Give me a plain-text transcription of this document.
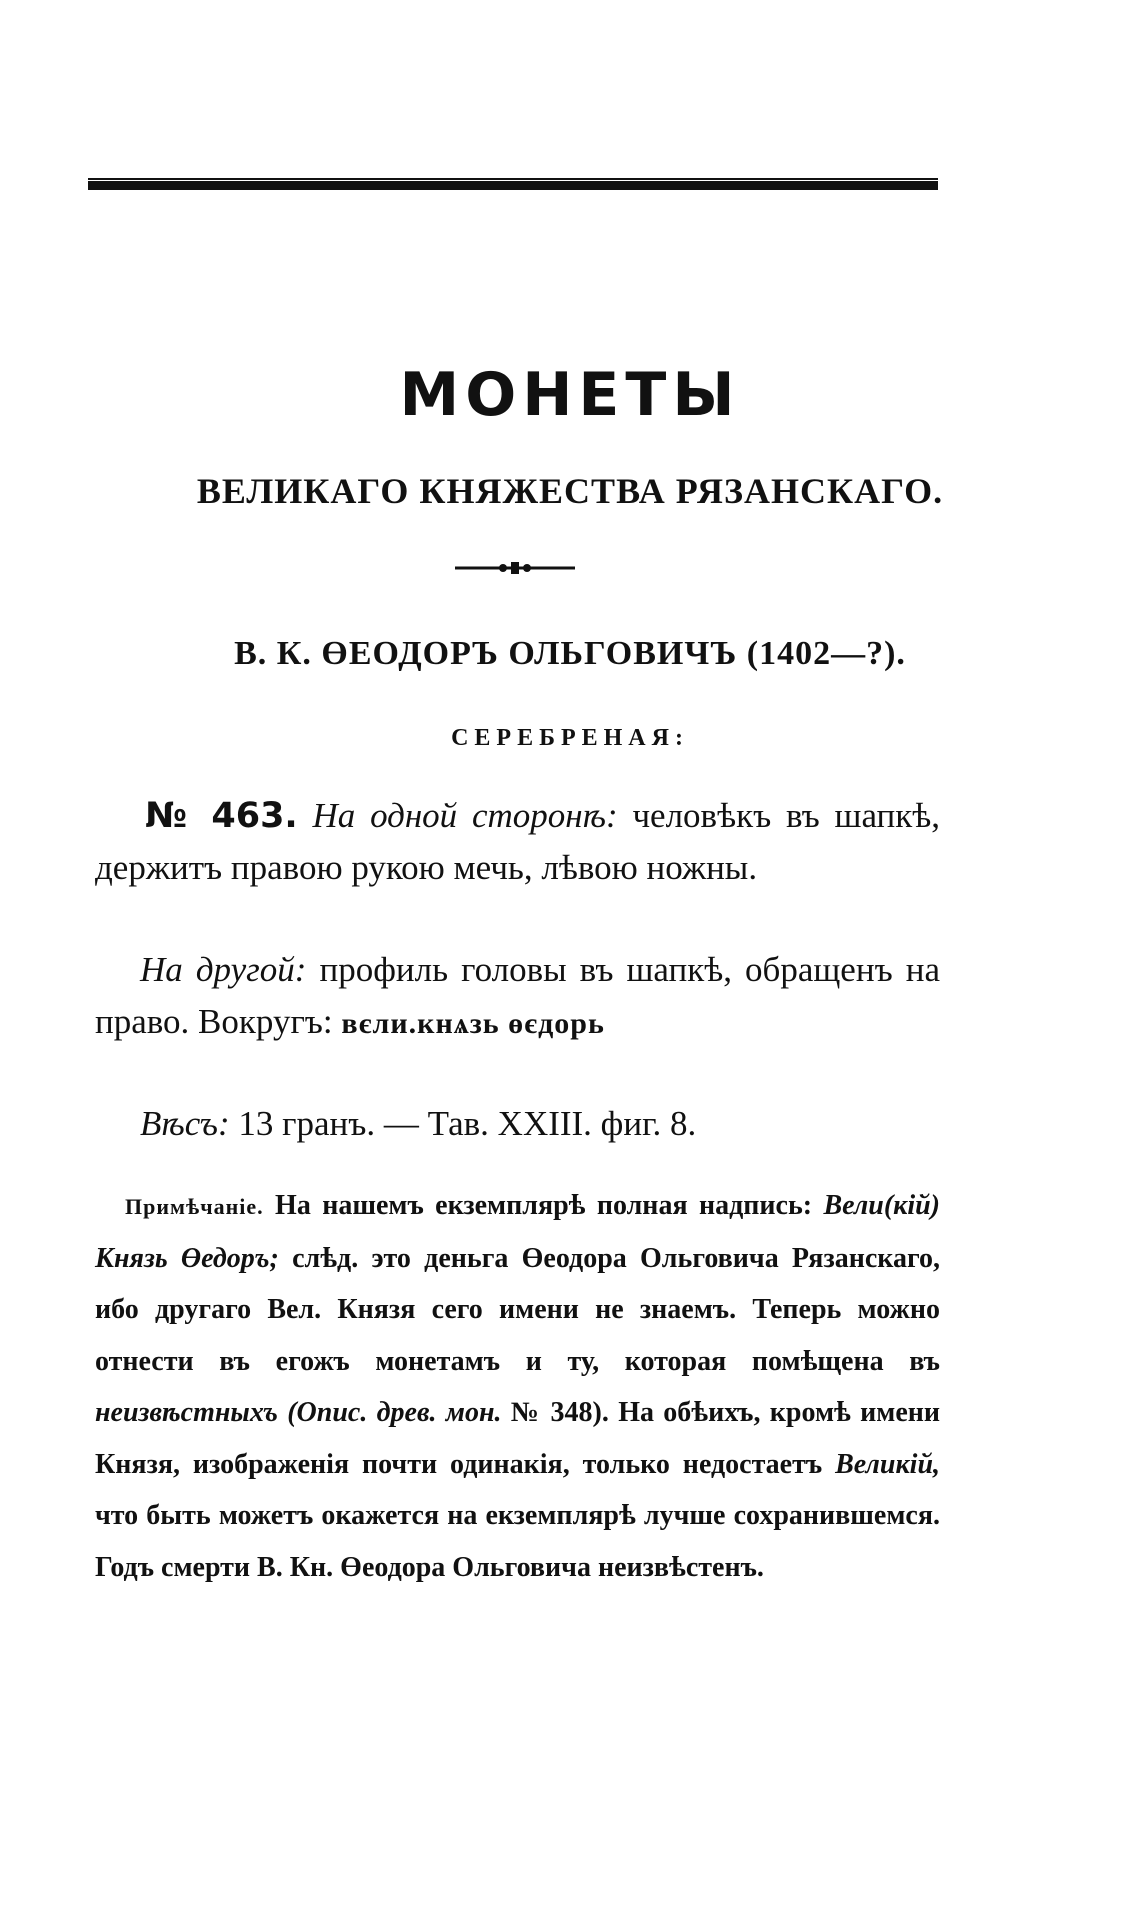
МОНЕТЫ
ВЕЛИКАГО КНЯЖЕСТВА РЯЗАНСКАГО.
В. К. ӨЕОДОРЪ ОЛЬГОВИЧЪ (1402—?).
СЕРЕБРЕНАЯ:
№ 463. На одной сторонѣ: человѣкъ въ шапкѣ, держитъ правою рукою мечь, лѣвою ножны.
На другой: профиль головы въ шапкѣ, обращенъ на право. Вокругъ: вєли.кнѧзь өєдорь
Вѣсъ: 13 гранъ. — Тав. XXIII. фиг. 8.
Примѣчаніе. На нашемъ екземплярѣ полная надпись: Вели(кій) Князь Өедоръ; слѣд. это деньга Өеодора Ольговича Рязанскаго, ибо другаго Вел. Князя сего имени не знаемъ. Теперь можно отнести въ егожъ монетамъ и ту, которая помѣщена въ неизвѣстныхъ (Опис. древ. мон. № 348). На обѣихъ, кромѣ имени Князя, изображенія почти одинакія, только недостаетъ Великій, что быть можетъ окажется на екземплярѣ лучше сохранившемся. Годъ смерти В. Кн. Өеодора Ольговича неизвѣстенъ.
